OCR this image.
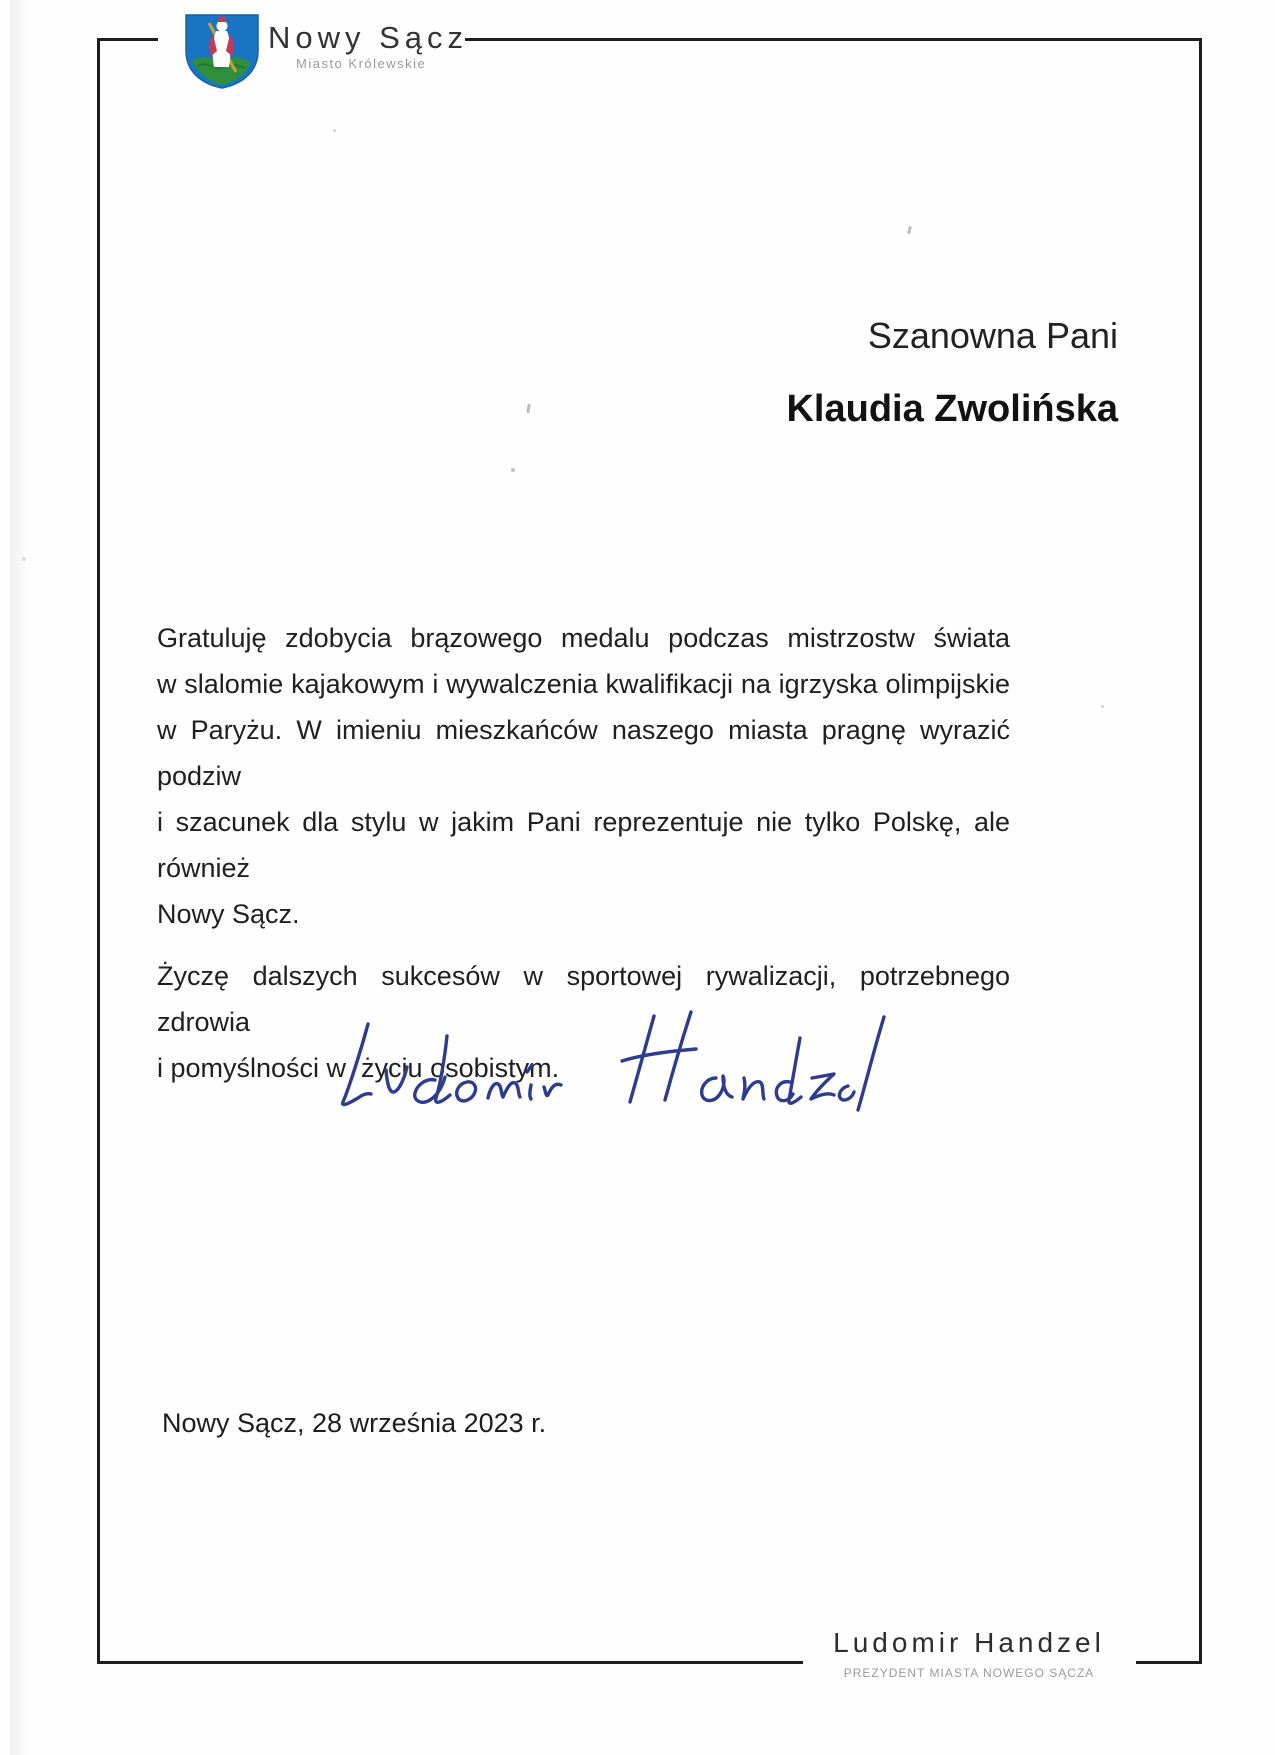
Nowy Sącz
Miasto Królewskie
Szanowna Pani
Klaudia Zwolińska
Gratuluję zdobycia brązowego medalu podczas mistrzostw świata
w slalomie kajakowym i wywalczenia kwalifikacji na igrzyska olimpijskie
w Paryżu. W imieniu mieszkańców naszego miasta pragnę wyrazić podziw
i szacunek dla stylu w jakim Pani reprezentuje nie tylko Polskę, ale również
Nowy Sącz.
Życzę dalszych sukcesów w sportowej rywalizacji, potrzebnego zdrowia
i pomyślności w  życiu osobistym.
Nowy Sącz, 28 września 2023 r.
Ludomir Handzel
PREZYDENT MIASTA NOWEGO SĄCZA
